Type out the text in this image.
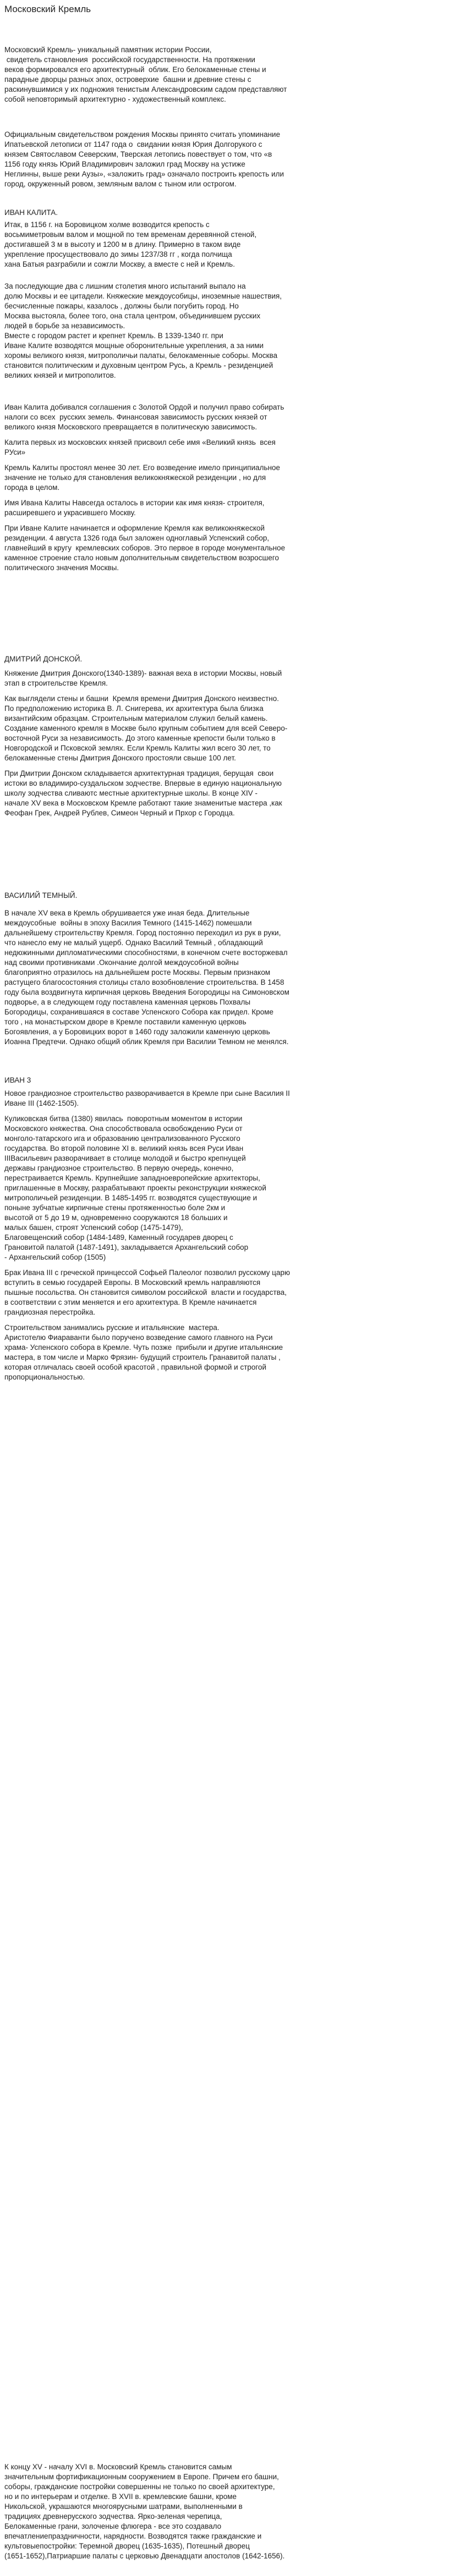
Московский Кремль

Московский Кремль- уникальный памятник истории России,
свидетель становления  российской государственности. На протяжении
веков формировался его архитектурный  облик. Его белокаменные стены и
парадные дворцы разных эпох, островерхие  башни и древние стены с
раскинувшимися у их подножия тенистым Александровским садом представляют
собой неповторимый архитектурно - художественный комплекс.

Официальным свидетельством рождения Москвы принято считать упоминание
Ипатьевской летописи от 1147 года о  свидании князя Юрия Долгорукого с
князем Святославом Северским, Тверская летопись повествует о том, что «в
1156 году князь Юрий Владимирович заложил град Москву на устиже
Неглинны, выше реки Аузы», «заложить град» означало построить крепость или
город, окруженный ровом, земляным валом с тыном или острогом.

ИВАН КАЛИТА.

Итак, в 1156 г. на Боровицком холме возводится крепость с
восьмиметровым валом и мощной по тем временам деревянной стеной,
достигавшей 3 м в высоту и 1200 м в длину. Примерно в таком виде
укрепление просуществовало до зимы 1237/38 гг , когда полчища
хана Батыя разграбили и сожгли Москву, а вместе с ней и Кремль.

За последующие два с лишним столетия много испытаний выпало на
долю Москвы и ее цитадели. Княжеские междоусобицы, иноземные нашествия,
бесчисленные пожары, казалось , должны были погубить город. Но
Москва выстояла, более того, она стала центром, объединившем русских
людей в борьбе за независимость.
Вместе с городом растет и крепнет Кремль. В 1339-1340 гг. при
Иване Калите возводятся мощные оборонительные укрепления, а за ними
хоромы великого князя, митрополичьи палаты, белокаменные соборы. Москва
становится политическим и духовным центром Русь, а Кремль - резиденцией
великих князей и митрополитов.

Иван Калита добивался соглашения с Золотой Ордой и получил право собирать
налоги со всех  русских земель. Финансовая зависимость русских князей от
великого князя Московского превращается в политическую зависимость.

Калита первых из московских князей присвоил себе имя «Великий князь  всея
РУси»

Кремль Калиты простоял менее 30 лет. Его возведение имело принципиальное
значение не только для становления великокняжеской резиденции , но для
города в целом.

Имя Ивана Калиты Навсегда осталось в истории как имя князя- строителя,
расширевшего и украсившего Москву.

При Иване Калите начинается и оформление Кремля как великокняжеской
резиденции. 4 августа 1326 года был заложен одноглавый Успенский собор,
главнейший в кругу  кремлевских соборов. Это первое в городе монументальное
каменное строение стало новым дополнительным свидетельством возросшего
политического значения Москвы.

ДМИТРИЙ ДОНСКОЙ.

Княжение Дмитрия Донского(1340-1389)- важная веха в истории Москвы, новый
этап в строительстве Кремля.

Как выглядели стены и башни  Кремля времени Дмитрия Донского неизвестно.
По предположению историка В. Л. Снигерева, их архитектура была близка
византийским образцам. Строительным материалом служил белый камень.
Создание каменного кремля в Москве было крупным событием для всей Северо-
восточной Руси за независимость. До этого каменные крепости были только в
Новгородской и Псковской землях. Если Кремль Калиты жил всего 30 лет, то
белокаменные стены Дмитрия Донского простояли свыше 100 лет.

При Дмитрии Донском складывается архитектурная традиция, берущая  свои
истоки во владимиро-суздальском зодчестве. Впервые в единую национальную
школу зодчества сливаютс местные архитектурные школы. В конце XIV -
начале XV века в Московском Кремле работают такие знаменитые мастера ,как
Феофан Грек, Андрей Рублев, Симеон Черный и Прхор с Городца.

ВАСИЛИЙ ТЕМНЫЙ.

В начале XV века в Кремль обрушивается уже иная беда. Длительные
междоусобные  войны в эпоху Василия Темного (1415-1462) помешали
дальнейшему строительству Кремля. Город постоянно переходил из рук в руки,
что нанесло ему не малый ущерб. Однако Василий Темный , обладающий
недюжинными дипломатическими способностями, в конечном счете восторжевал
над своими противниками .Окончание долгой междоусобной войны
благоприятно отразилось на дальнейшем росте Москвы. Первым признаком
растущего благосостояния столицы стало возобновление строительства. В 1458
году была воздвигнута кирпичная церковь Введения Богородицы на Симоновском
подворье, а в следующем году поставлена каменная церковь Похвалы
Богородицы, сохранившаяся в составе Успенского Собора как придел. Кроме
того , на монастырском дворе в Кремле поставили каменную церковь
Богоявления, а у Боровицких ворот в 1460 году заложили каменную церковь
Иоанна Предтечи. Однако общий облик Кремля при Василии Темном не менялся.

ИВАН 3

Новое грандиозное строительство разворачивается в Кремле при сыне Василия II
Иване III (1462-1505).

Куликовская битва (1380) явилась  поворотным моментом в истории
Московского княжества. Она способствовала освобождению Руси от
монголо-татарского ига и образованию централизованного Русского
государства. Во второй половине XI в. великий князь всея Руси Иван
IIIВасильевич разворачивает в столице молодой и быстро крепнущей
державы грандиозное строительство. В первую очередь, конечно,
перестраивается Кремль. Крупнейшие западноевропейские архитекторы,
приглашенные в Москву, разрабатывают проекты реконструкции княжеской
митрополичьей резиденции. В 1485-1495 гг. возводятся существующие и
поныне зубчатые кирпичные стены протяженностью боле 2км и
высотой от 5 до 19 м, одновременно сооружаются 18 больших и
малых башен, строят Успенский собор (1475-1479),
Благовещенский собор (1484-1489, Каменный государев дворец с
Грановитой палатой (1487-1491), закладывается Архангельский собор
- Архангельский собор (1505)

Брак Ивана III с греческой принцессой Софьей Палеолог позволил русскому царю
вступить в семью государей Европы. В Московский кремль направляются
пышные посольства. Он становится символом российской  власти и государства,
в соответствии с этим меняется и его архитектура. В Кремле начинается
грандиозная перестройка.

Строительством занимались русские и итальянские  мастера.
Аристотелю Фиараванти было поручено возведение самого главного на Руси
храма- Успенского собора в Кремле. Чуть позже  прибыли и другие итальянские
мастера, в том числе и Марко Фрязин- будущий строитель Гранавитой палаты ,
которая отличалась своей особой красотой , правильной формой и строгой
пропорциональностью.

К концу XV - началу XVI в. Московский Кремль становится самым
значительным фортификационным сооружением в Европе. Причем его башни,
соборы, гражданские постройки совершенны не только по своей архитектуре,
но и по интерьерам и отделке. В XVII в. кремлевские башни, кроме
Никольской, украшаются многоярусными шатрами, выполненными в
традициях древнерусского зодчества. Ярко-зеленая черепица,
Белокаменные грани, золоченые флюгера - все это создавало
впечатлениепраздничности, нарядности. Возводятся также гражданские и
культовыепостройки: Теремной дворец (1635-1635), Потешный дворец
(1651-1652),Патриаршие палаты с церковью Двенадцати апостолов (1642-1656).
